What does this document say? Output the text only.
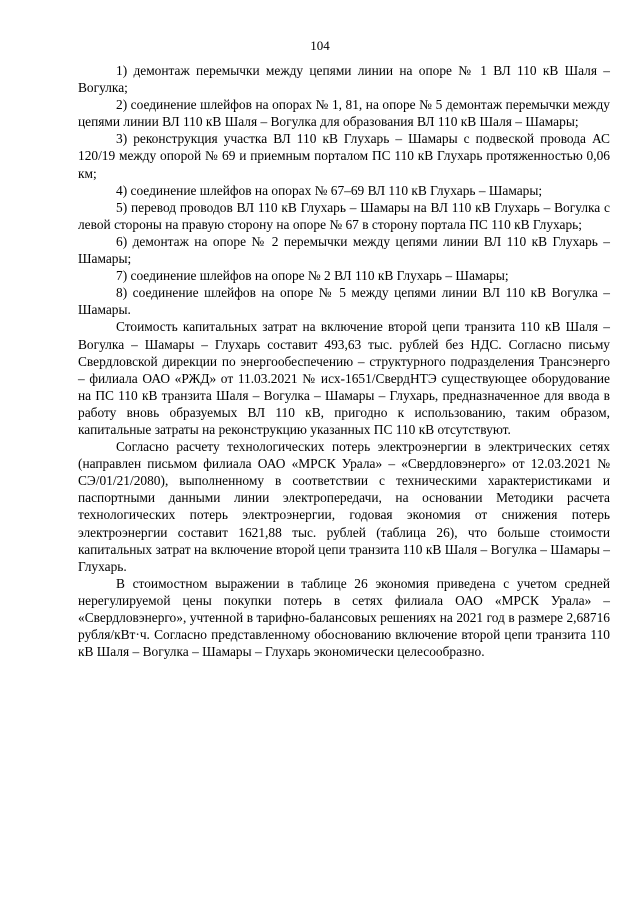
104

1) демонтаж перемычки между цепями линии на опоре № 1 ВЛ 110 кВ Шаля – Вогулка;

2) соединение шлейфов на опорах № 1, 81, на опоре № 5 демонтаж перемычки между цепями линии ВЛ 110 кВ Шаля – Вогулка для образования ВЛ 110 кВ Шаля – Шамары;

3) реконструкция участка ВЛ 110 кВ Глухарь – Шамары с подвеской провода АС 120/19 между опорой № 69 и приемным порталом ПС 110 кВ Глухарь протяженностью 0,06 км;

4) соединение шлейфов на опорах № 67–69 ВЛ 110 кВ Глухарь – Шамары;

5) перевод проводов ВЛ 110 кВ Глухарь – Шамары на ВЛ 110 кВ Глухарь – Вогулка с левой стороны на правую сторону на опоре № 67 в сторону портала ПС 110 кВ Глухарь;

6) демонтаж на опоре № 2 перемычки между цепями линии ВЛ 110 кВ Глухарь – Шамары;

7) соединение шлейфов на опоре № 2 ВЛ 110 кВ Глухарь – Шамары;

8) соединение шлейфов на опоре № 5 между цепями линии ВЛ 110 кВ Вогулка – Шамары.

Стоимость капитальных затрат на включение второй цепи транзита 110 кВ Шаля – Вогулка – Шамары – Глухарь составит 493,63 тыс. рублей без НДС. Согласно письму Свердловской дирекции по энергообеспечению – структурного подразделения Трансэнерго – филиала ОАО «РЖД» от 11.03.2021 № исх-1651/СвердНТЭ существующее оборудование на ПС 110 кВ транзита Шаля – Вогулка – Шамары – Глухарь, предназначенное для ввода в работу вновь образуемых ВЛ 110 кВ, пригодно к использованию, таким образом, капитальные затраты на реконструкцию указанных ПС 110 кВ отсутствуют.

Согласно расчету технологических потерь электроэнергии в электрических сетях (направлен письмом филиала ОАО «МРСК Урала» – «Свердловэнерго» от 12.03.2021 № СЭ/01/21/2080), выполненному в соответствии с техническими характеристиками и паспортными данными линии электропередачи, на основании Методики расчета технологических потерь электроэнергии, годовая экономия от снижения потерь электроэнергии составит 1621,88 тыс. рублей (таблица 26), что больше стоимости капитальных затрат на включение второй цепи транзита 110 кВ Шаля – Вогулка – Шамары – Глухарь.

В стоимостном выражении в таблице 26 экономия приведена с учетом средней нерегулируемой цены покупки потерь в сетях филиала ОАО «МРСК Урала» – «Свердловэнерго», учтенной в тарифно-балансовых решениях на 2021 год в размере 2,68716 рубля/кВт·ч. Согласно представленному обоснованию включение второй цепи транзита 110 кВ Шаля – Вогулка – Шамары – Глухарь экономически целесообразно.
